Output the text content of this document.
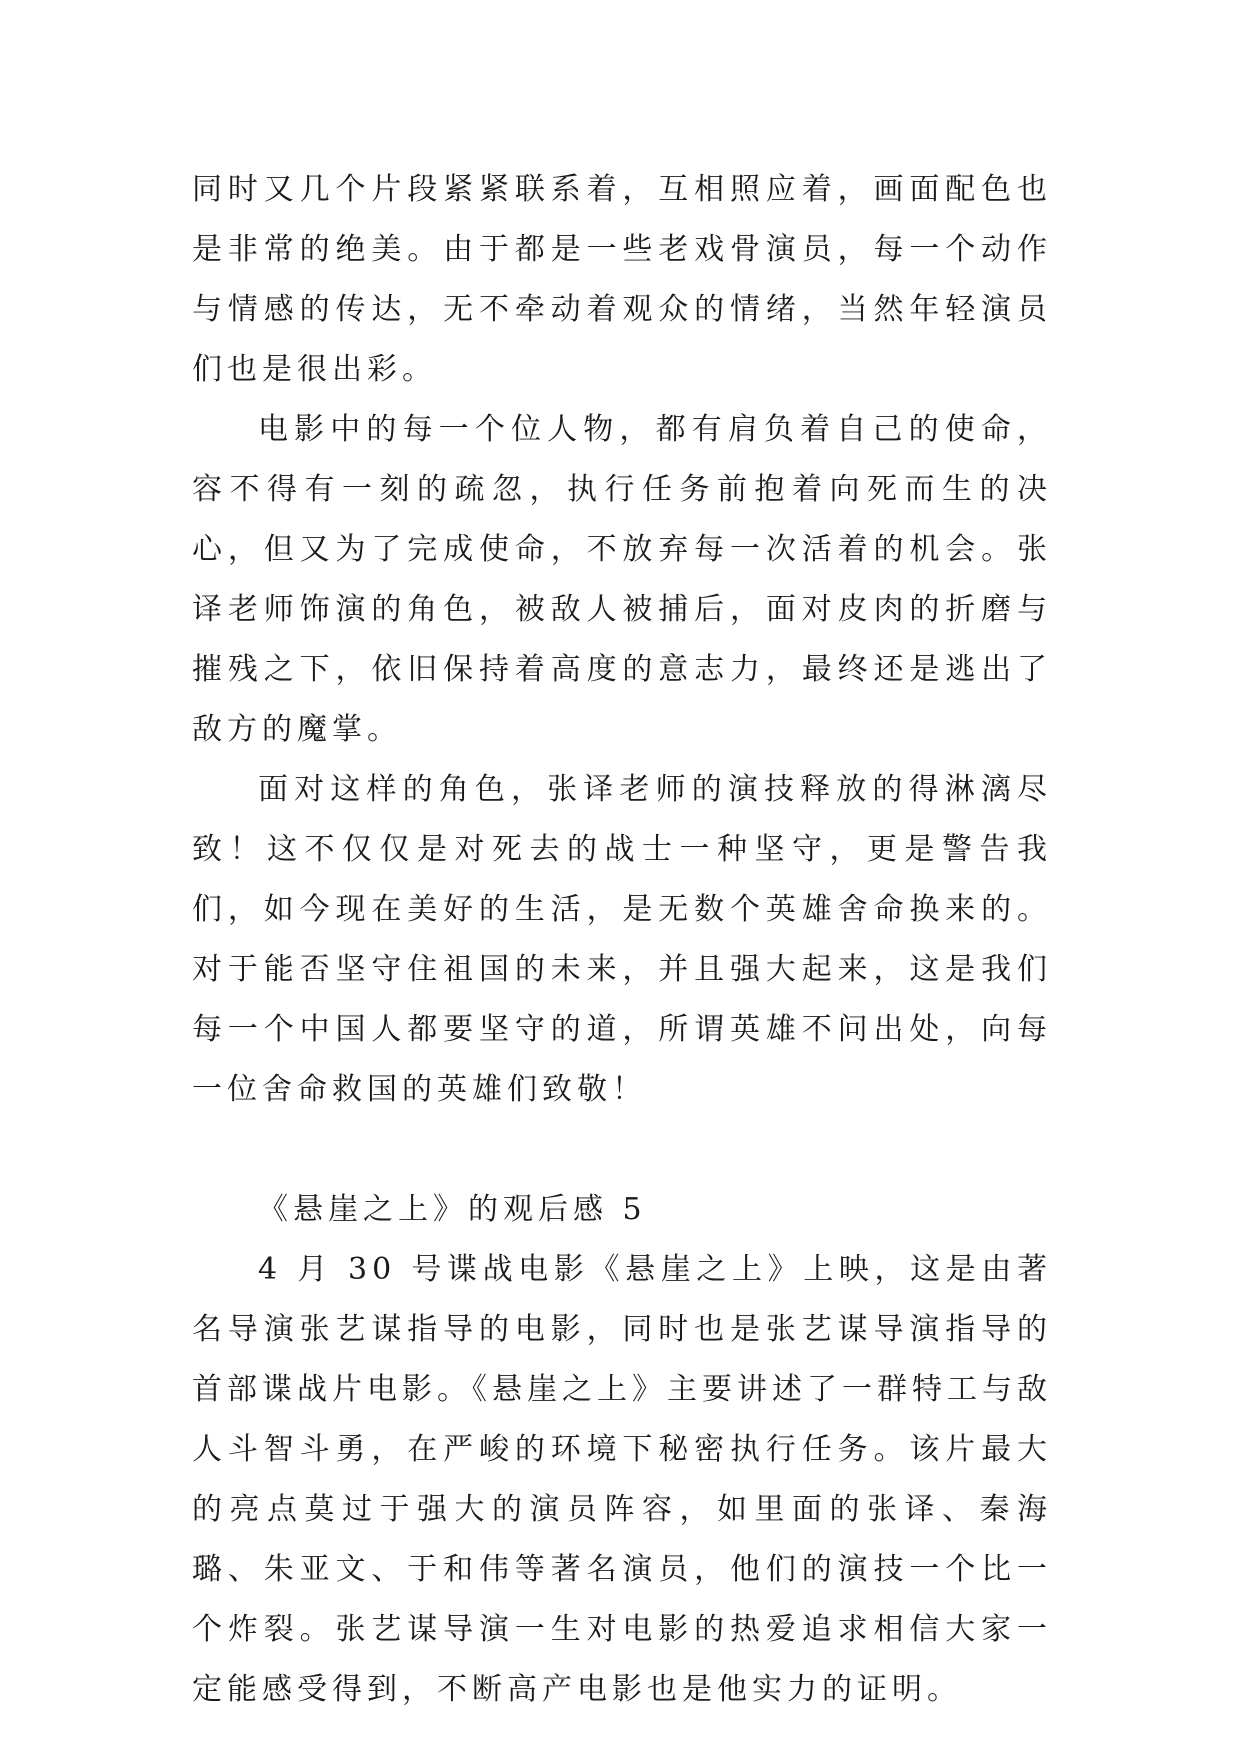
同时又几个片段紧紧联系着，互相照应着，画面配色也是非常的绝美。由于都是一些老戏骨演员，每一个动作与情感的传达，无不牵动着观众的情绪，当然年轻演员们也是很出彩。

电影中的每一个位人物，都有肩负着自己的使命，容不得有一刻的疏忽，执行任务前抱着向死而生的决心，但又为了完成使命，不放弃每一次活着的机会。张译老师饰演的角色，被敌人被捕后，面对皮肉的折磨与摧残之下，依旧保持着高度的意志力，最终还是逃出了敌方的魔掌。

面对这样的角色，张译老师的演技释放的得淋漓尽致！这不仅仅是对死去的战士一种坚守，更是警告我们，如今现在美好的生活，是无数个英雄舍命换来的。对于能否坚守住祖国的未来，并且强大起来，这是我们每一个中国人都要坚守的道，所谓英雄不问出处，向每一位舍命救国的英雄们致敬！

《悬崖之上》的观后感 5

4 月 30 号谍战电影《悬崖之上》上映，这是由著名导演张艺谋指导的电影，同时也是张艺谋导演指导的首部谍战片电影。《悬崖之上》主要讲述了一群特工与敌人斗智斗勇，在严峻的环境下秘密执行任务。该片最大的亮点莫过于强大的演员阵容，如里面的张译、秦海璐、朱亚文、于和伟等著名演员，他们的演技一个比一个炸裂。张艺谋导演一生对电影的热爱追求相信大家一定能感受得到，不断高产电影也是他实力的证明。
